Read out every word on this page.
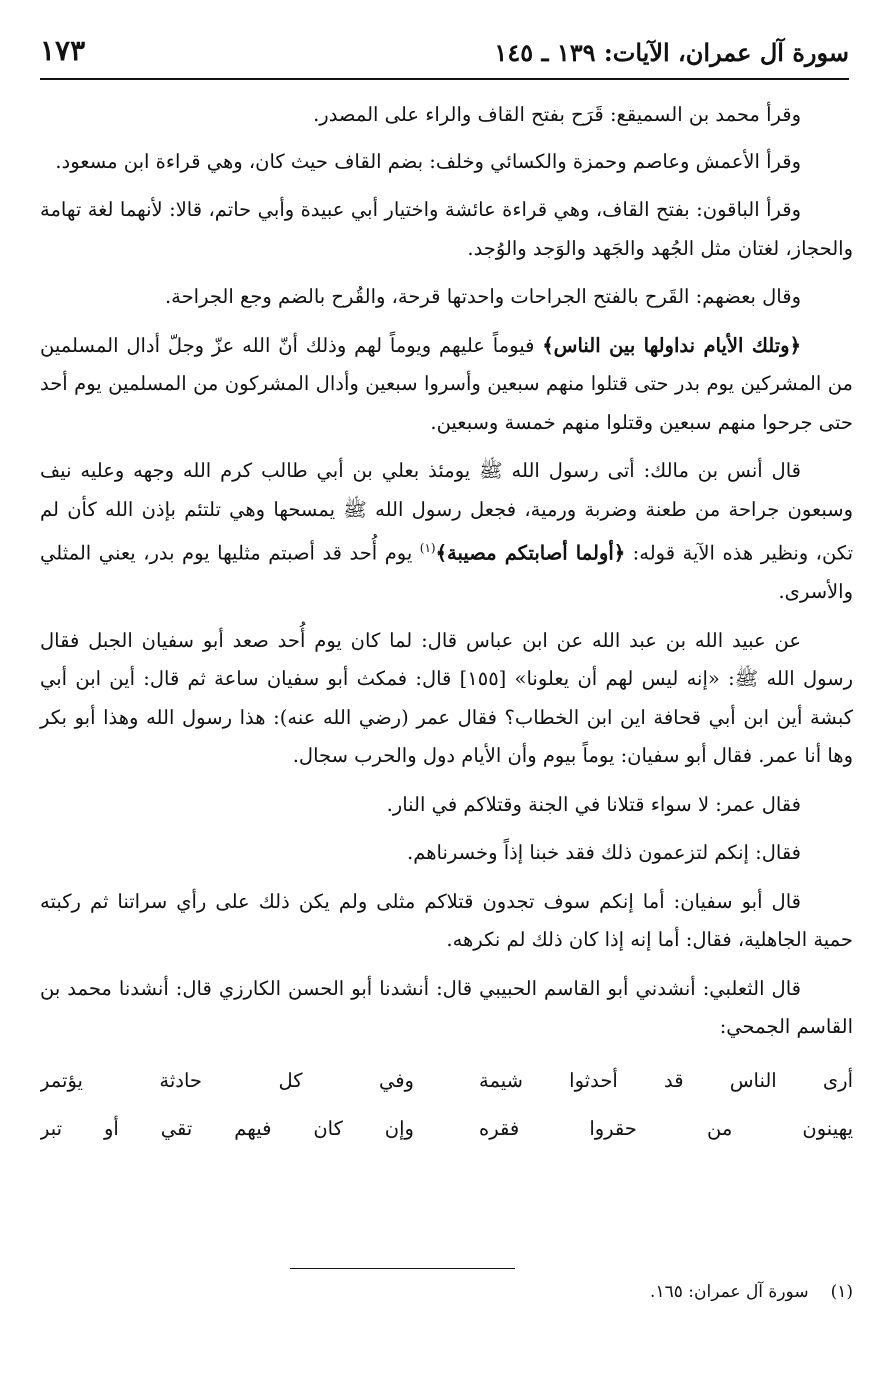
سورة آل عمران، الآيات: ١٣٩ ـ ١٤٥
١٧٣

وقرأ محمد بن السميقع: قَرَح بفتح القاف والراء على المصدر.

وقرأ الأعمش وعاصم وحمزة والكسائي وخلف: بضم القاف حيث كان، وهي قراءة ابن مسعود.

وقرأ الباقون: بفتح القاف، وهي قراءة عائشة واختيار أبي عبيدة وأبي حاتم، قالا: لأنهما لغة تهامة والحجاز، لغتان مثل الجُهد والجَهد والوَجد والوُجد.

وقال بعضهم: القَرح بالفتح الجراحات واحدتها قرحة، والقُرح بالضم وجع الجراحة.

﴿وتلك الأيام نداولها بين الناس﴾ فيوماً عليهم ويوماً لهم وذلك أنّ الله عزّ وجلّ أدال المسلمين من المشركين يوم بدر حتى قتلوا منهم سبعين وأسروا سبعين وأدال المشركون من المسلمين يوم أحد حتى جرحوا منهم سبعين وقتلوا منهم خمسة وسبعين.

قال أنس بن مالك: أتى رسول الله ﷺ يومئذ بعلي بن أبي طالب كرم الله وجهه وعليه نيف وسبعون جراحة من طعنة وضربة ورمية، فجعل رسول الله ﷺ يمسحها وهي تلتئم بإذن الله كأن لم تكن، ونظير هذه الآية قوله: ﴿أولما أصابتكم مصيبة﴾$^{(١)}$ يوم أُحد قد أصبتم مثليها يوم بدر، يعني المثلي والأسرى.

عن عبيد الله بن عبد الله عن ابن عباس قال: لما كان يوم أُحد صعد أبو سفيان الجبل فقال رسول الله ﷺ: «إنه ليس لهم أن يعلونا» [١٥٥] قال: فمكث أبو سفيان ساعة ثم قال: أين ابن أبي كبشة أين ابن أبي قحافة اين ابن الخطاب؟ فقال عمر (رضي الله عنه): هذا رسول الله وهذا أبو بكر وها أنا عمر. فقال أبو سفيان: يوماً بيوم وأن الأيام دول والحرب سجال.

فقال عمر: لا سواء قتلانا في الجنة وقتلاكم في النار.

فقال: إنكم لتزعمون ذلك فقد خبنا إذاً وخسرناهم.

قال أبو سفيان: أما إنكم سوف تجدون قتلاكم مثلى ولم يكن ذلك على رأي سراتنا ثم ركبته حمية الجاهلية، فقال: أما إنه إذا كان ذلك لم نكرهه.

قال الثعلبي: أنشدني أبو القاسم الحبيبي قال: أنشدنا أبو الحسن الكارزي قال: أنشدنا محمد بن القاسم الجمحي:

أرى الناس قد أحدثوا شيمة
وفي كل حادثة يؤتمر
يهينون من حقروا فقره
وإن كان فيهم تقي أو تبر
(١)سورة آل عمران: ١٦٥.
